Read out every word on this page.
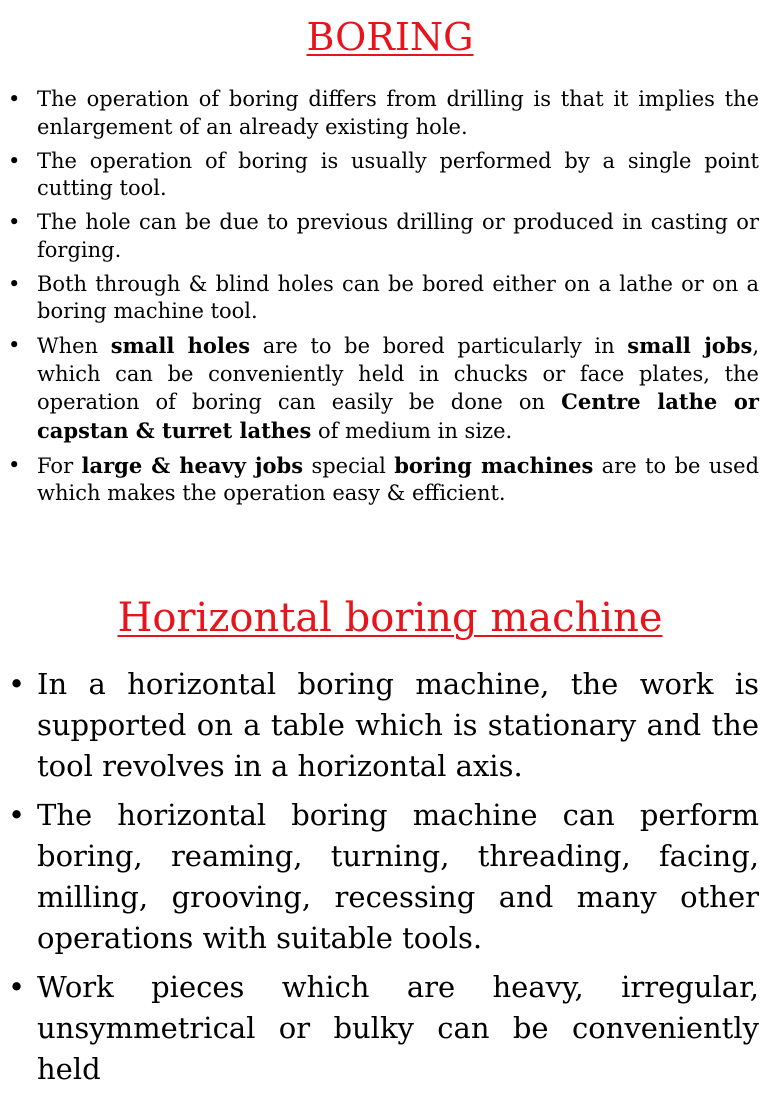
BORING
• The operation of boring differs from drilling is that it implies the enlargement of an already existing hole.
• The operation of boring is usually performed by a single point cutting tool.
• The hole can be due to previous drilling or produced in casting or forging.
• Both through & blind holes can be bored either on a lathe or on a boring machine tool.
• When small holes are to be bored particularly in small jobs, which can be conveniently held in chucks or face plates, the operation of boring can easily be done on Centre lathe or capstan & turret lathes of medium in size.
• For large & heavy jobs special boring machines are to be used which makes the operation easy & efficient.
Horizontal boring machine
• In a horizontal boring machine, the work is supported on a table which is stationary and the tool revolves in a horizontal axis.
• The horizontal boring machine can perform boring, reaming, turning, threading, facing, milling, grooving, recessing and many other operations with suitable tools.
• Work pieces which are heavy, irregular, unsymmetrical or bulky can be conveniently held
